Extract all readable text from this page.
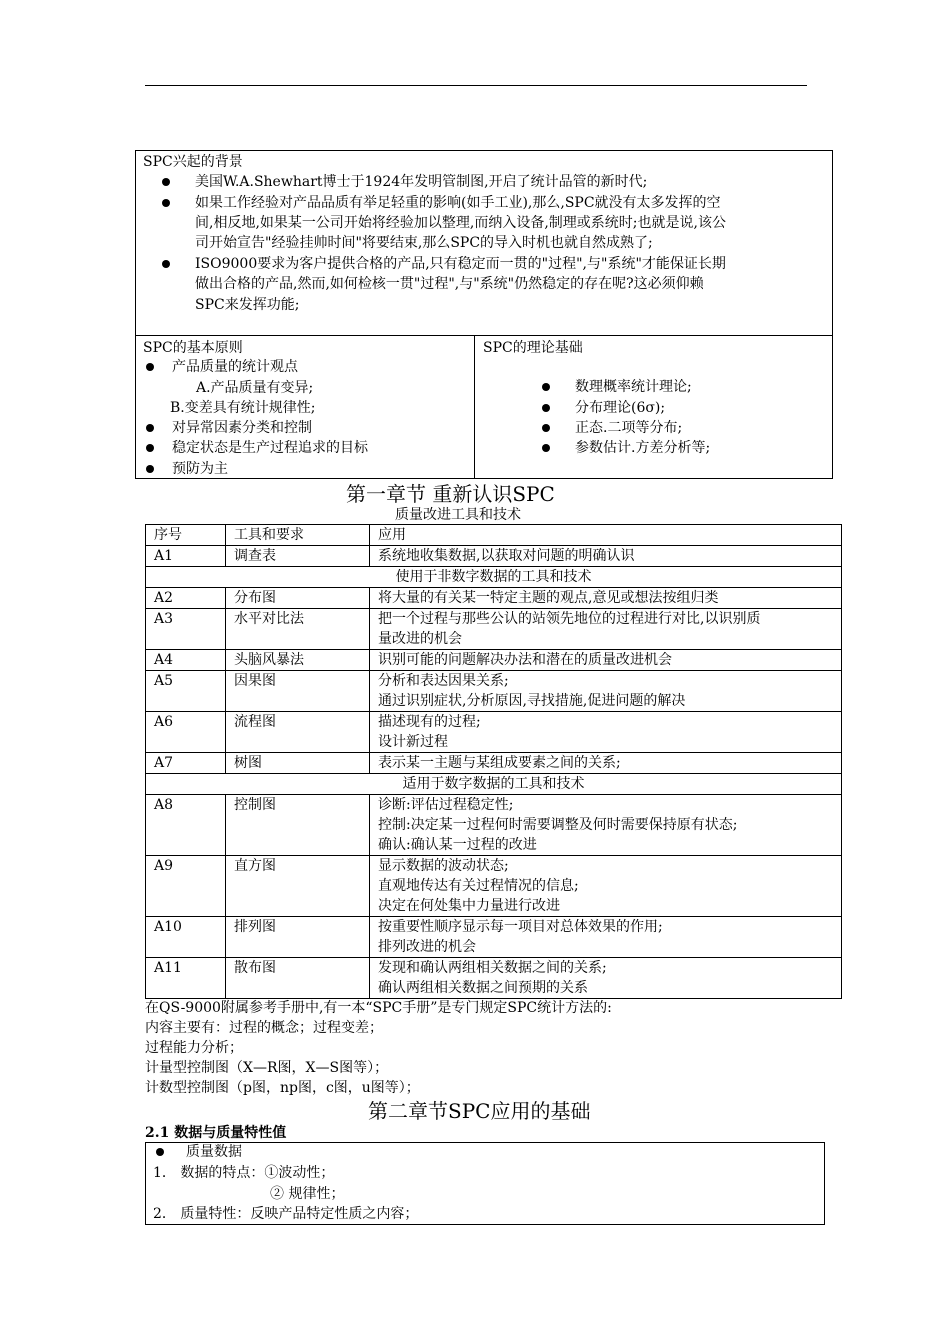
SPC兴起的背景
美国W.A.Shewhart博士于1924年发明管制图,开启了统计品管的新时代;
如果工作经验对产品品质有举足轻重的影响(如手工业),那么,SPC就没有太多发挥的空
间,相反地,如果某一公司开始将经验加以整理,而纳入设备,制理或系统时;也就是说,该公
司开始宣告"经验挂帅时间"将要结束,那么SPC的导入时机也就自然成熟了;
ISO9000要求为客户提供合格的产品,只有稳定而一贯的"过程",与"系统"才能保证长期
做出合格的产品,然而,如何检核一贯"过程",与"系统"仍然稳定的存在呢?这必须仰赖
SPC来发挥功能;
SPC的基本原则
产品质量的统计观点
A.产品质量有变异;
B.变差具有统计规律性;
对异常因素分类和控制
稳定状态是生产过程追求的目标
预防为主
SPC的理论基础
数理概率统计理论;
分布理论(6σ);
正态.二项等分布;
参数估计.方差分析等;
第一章节 重新认识SPC
质量改进工具和技术
序号	工具和要求	应用
A1	调查表	系统地收集数据,以获取对问题的明确认识

使用于非数字数据的工具和技术		
A2	分布图	将大量的有关某一特定主题的观点,意见或想法按组归类

A3	水平对比法	把一个过程与那些公认的站领先地位的过程进行对比,以识别质
量改进的机会

A4	头脑风暴法	识别可能的问题解决办法和潜在的质量改进机会

A5	因果图	分析和表达因果关系;
通过识别症状,分析原因,寻找措施,促进问题的解决

A6	流程图	描述现有的过程;
设计新过程

A7	树图	表示某一主题与某组成要素之间的关系;

适用于数字数据的工具和技术		
A8	控制图	诊断:评估过程稳定性;
控制:决定某一过程何时需要调整及何时需要保持原有状态;
确认:确认某一过程的改进

A9	直方图	显示数据的波动状态;
直观地传达有关过程情况的信息;
决定在何处集中力量进行改进

A10	排列图	按重要性顺序显示每一项目对总体效果的作用;
排列改进的机会

A11	散布图	发现和确认两组相关数据之间的关系;
确认两组相关数据之间预期的关系
在QS-9000附属参考手册中,有一本“SPC手册”是专门规定SPC统计方法的:
内容主要有：过程的概念；过程变差；
过程能力分析；
计量型控制图（X—R图，X—S图等）；
计数型控制图（p图，np图，c图，u图等）；
第二章节SPC应用的基础
2.1 数据与质量特性值
质量数据
1． 数据的特点：①波动性；
② 规律性；
2． 质量特性：反映产品特定性质之内容；
